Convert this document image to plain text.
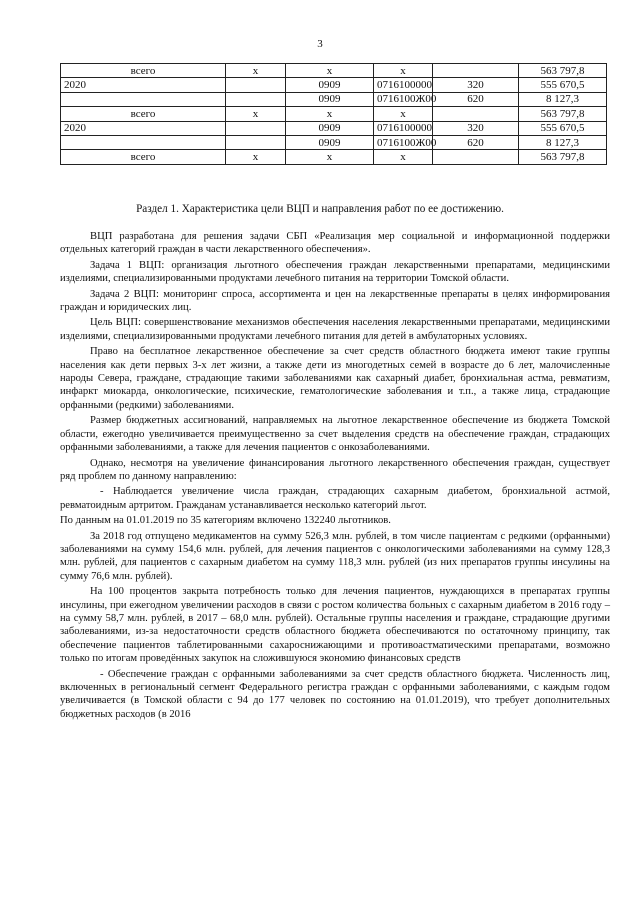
3
всего	x	x	x		563 797,8
2020		0909	0716100000	320	555 670,5
		0909	0716100Ж00	620	8 127,3
всего	x	x	x		563 797,8
2020		0909	0716100000	320	555 670,5
		0909	0716100Ж00	620	8 127,3
всего	x	x	x		563 797,8
Раздел 1. Характеристика цели ВЦП и направления работ по ее достижению.

ВЦП разработана для решения задачи СБП «Реализация мер социальной и информационной поддержки отдельных категорий граждан в части лекарственного обеспечения».

Задача 1 ВЦП: организация льготного обеспечения граждан лекарственными препаратами, медицинскими изделиями, специализированными продуктами лечебного питания на территории Томской области.

Задача 2 ВЦП: мониторинг спроса, ассортимента и цен на лекарственные препараты в целях информирования граждан и юридических лиц.

Цель ВЦП: совершенствование механизмов обеспечения населения лекарственными препаратами, медицинскими изделиями, специализированными продуктами лечебного питания для детей в амбулаторных условиях.

Право на бесплатное лекарственное обеспечение за счет средств областного бюджета имеют такие группы населения как дети первых 3-х лет жизни, а также дети из многодетных семей в возрасте до 6 лет, малочисленные народы Севера, граждане, страдающие такими заболеваниями как сахарный диабет, бронхиальная астма, ревматизм, инфаркт миокарда, онкологические, психические, гематологические заболевания и т.п., а также лица, страдающие орфанными (редкими) заболеваниями.

Размер бюджетных ассигнований, направляемых на льготное лекарственное обеспечение из бюджета Томской области, ежегодно увеличивается преимущественно за счет выделения средств на обеспечение граждан, страдающих орфанными заболеваниями, а также для лечения пациентов с онкозаболеваниями.

Однако, несмотря на увеличение финансирования льготного лекарственного обеспечения граждан, существует ряд проблем по данному направлению:

- Наблюдается увеличение числа граждан, страдающих сахарным диабетом, бронхиальной астмой, ревматоидным артритом. Гражданам устанавливается несколько категорий льгот.

По данным на 01.01.2019 по 35 категориям включено 132240 льготников.

За 2018 год отпущено медикаментов на сумму 526,3 млн. рублей, в том числе пациентам с редкими (орфанными) заболеваниями на сумму 154,6 млн. рублей, для лечения пациентов с онкологическими заболеваниями на сумму 128,3 млн. рублей, для пациентов с сахарным диабетом на сумму 118,3 млн. рублей (из них препаратов группы инсулины на сумму 76,6 млн. рублей).

На 100 процентов закрыта потребность только для лечения пациентов, нуждающихся в препаратах группы инсулины, при ежегодном увеличении расходов в связи с ростом количества больных с сахарным диабетом в 2016 году – на сумму 58,7 млн. рублей, в 2017 – 68,0 млн. рублей). Остальные группы населения и граждане, страдающие другими заболеваниями, из-за недостаточности средств областного бюджета обеспечиваются по остаточному принципу, так обеспечение пациентов таблетированными сахароснижающими и противоастматическими препаратами, возможно только по итогам проведённых закупок на сложившуюся экономию финансовых средств

- Обеспечение граждан с орфанными заболеваниями за счет средств областного бюджета. Численность лиц, включенных в региональный сегмент Федерального регистра граждан с орфанными заболеваниями, с каждым годом увеличивается (в Томской области с 94 до 177 человек по состоянию на 01.01.2019), что требует дополнительных бюджетных расходов (в 2016
